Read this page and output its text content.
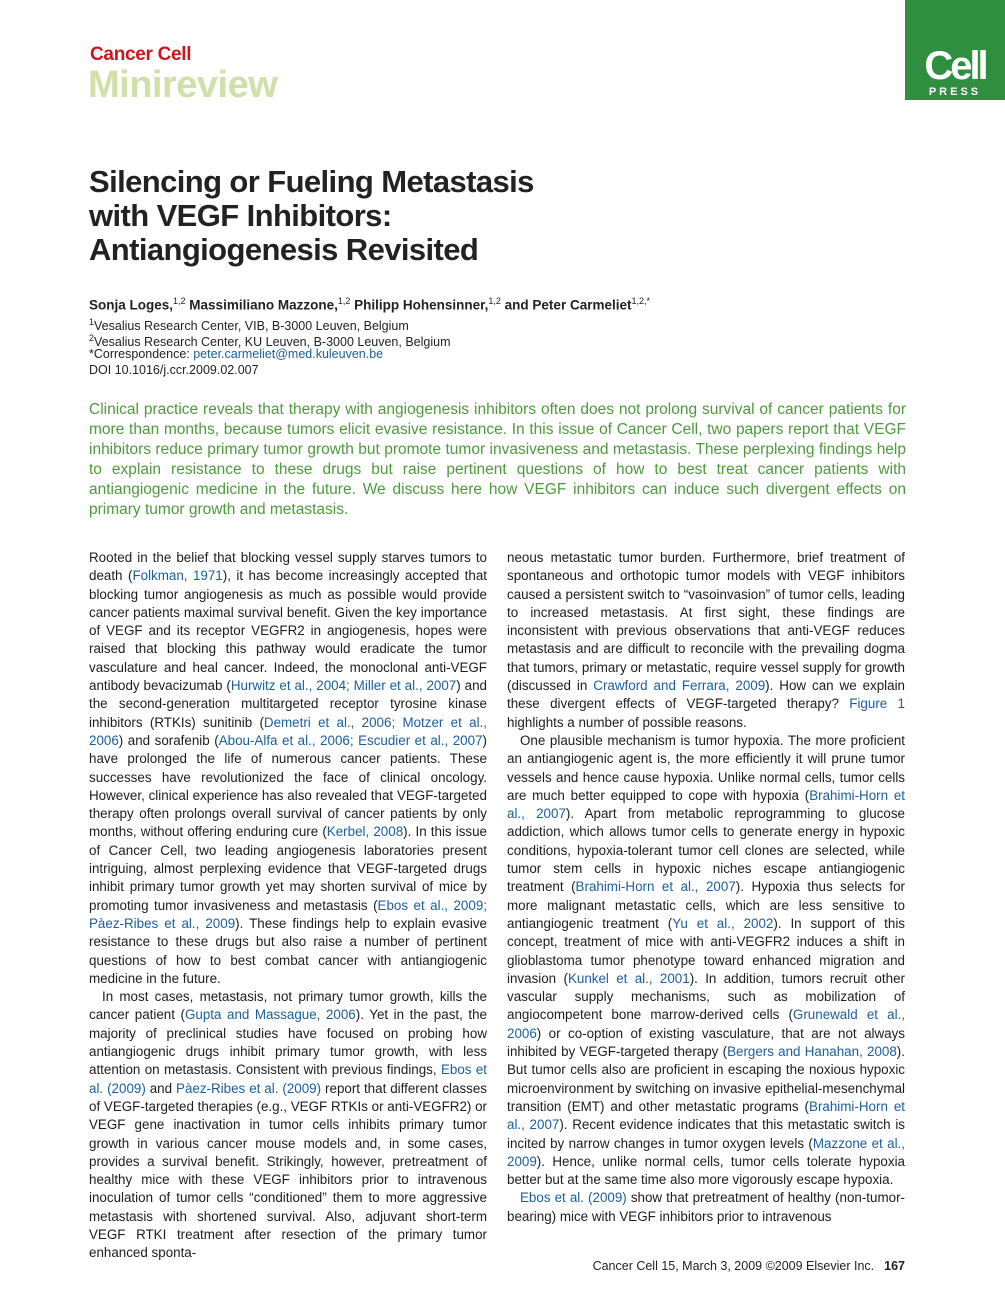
Cancer Cell
Minireview	Cell
PRESS
Silencing or Fueling Metastasis
with VEGF Inhibitors:
Antiangiogenesis Revisited
Sonja Loges,$^{1,2}$ Massimiliano Mazzone,$^{1,2}$ Philipp Hohensinner,$^{1,2}$ and Peter Carmeliet$^{1,2,*}$
$^1$Vesalius Research Center, VIB, B-3000 Leuven, Belgium
$^2$Vesalius Research Center, KU Leuven, B-3000 Leuven, Belgium
*Correspondence: peter.carmeliet@med.kuleuven.be
DOI 10.1016/j.ccr.2009.02.007
Clinical practice reveals that therapy with angiogenesis inhibitors often does not prolong survival of cancer patients for more than months, because tumors elicit evasive resistance. In this issue of Cancer Cell, two papers report that VEGF inhibitors reduce primary tumor growth but promote tumor invasiveness and metastasis. These perplexing findings help to explain resistance to these drugs but raise pertinent questions of how to best treat cancer patients with antiangiogenic medicine in the future. We discuss here how VEGF inhibitors can induce such divergent effects on primary tumor growth and metastasis.

Rooted in the belief that blocking vessel supply starves tumors to death (Folkman, 1971), it has become increasingly accepted that blocking tumor angiogenesis as much as possible would provide cancer patients maximal survival benefit. Given the key importance of VEGF and its receptor VEGFR2 in angiogenesis, hopes were raised that blocking this pathway would eradicate the tumor vasculature and heal cancer. Indeed, the monoclonal anti-VEGF antibody bevacizumab (Hurwitz et al., 2004; Miller et al., 2007) and the second-generation multitargeted receptor tyrosine kinase inhibitors (RTKIs) sunitinib (Demetri et al., 2006; Motzer et al., 2006) and sorafenib (Abou-Alfa et al., 2006; Escudier et al., 2007) have prolonged the life of numerous cancer patients. These successes have revolutionized the face of clinical oncology. However, clinical experience has also revealed that VEGF-targeted therapy often prolongs overall survival of cancer patients by only months, without offering enduring cure (Kerbel, 2008). In this issue of Cancer Cell, two leading angiogenesis laboratories present intriguing, almost perplexing evidence that VEGF-targeted drugs inhibit primary tumor growth yet may shorten survival of mice by promoting tumor invasiveness and metastasis (Ebos et al., 2009; Pàez-Ribes et al., 2009). These findings help to explain evasive resistance to these drugs but also raise a number of pertinent questions of how to best combat cancer with antiangiogenic medicine in the future.

In most cases, metastasis, not primary tumor growth, kills the cancer patient (Gupta and Massague, 2006). Yet in the past, the majority of preclinical studies have focused on probing how antiangiogenic drugs inhibit primary tumor growth, with less attention on metastasis. Consistent with previous findings, Ebos et al. (2009) and Pàez-Ribes et al. (2009) report that different classes of VEGF-targeted therapies (e.g., VEGF RTKIs or anti-VEGFR2) or VEGF gene inactivation in tumor cells inhibits primary tumor growth in various cancer mouse models and, in some cases, provides a survival benefit. Strikingly, however, pretreatment of healthy mice with these VEGF inhibitors prior to intravenous inoculation of tumor cells “conditioned” them to more aggressive metastasis with shortened survival. Also, adjuvant short-term VEGF RTKI treatment after resection of the primary tumor enhanced sponta-

neous metastatic tumor burden. Furthermore, brief treatment of spontaneous and orthotopic tumor models with VEGF inhibitors caused a persistent switch to “vasoinvasion” of tumor cells, leading to increased metastasis. At first sight, these findings are inconsistent with previous observations that anti-VEGF reduces metastasis and are difficult to reconcile with the prevailing dogma that tumors, primary or metastatic, require vessel supply for growth (discussed in Crawford and Ferrara, 2009). How can we explain these divergent effects of VEGF-targeted therapy? Figure 1 highlights a number of possible reasons.

One plausible mechanism is tumor hypoxia. The more proficient an antiangiogenic agent is, the more efficiently it will prune tumor vessels and hence cause hypoxia. Unlike normal cells, tumor cells are much better equipped to cope with hypoxia (Brahimi-Horn et al., 2007). Apart from metabolic reprogramming to glucose addiction, which allows tumor cells to generate energy in hypoxic conditions, hypoxia-tolerant tumor cell clones are selected, while tumor stem cells in hypoxic niches escape antiangiogenic treatment (Brahimi-Horn et al., 2007). Hypoxia thus selects for more malignant metastatic cells, which are less sensitive to antiangiogenic treatment (Yu et al., 2002). In support of this concept, treatment of mice with anti-VEGFR2 induces a shift in glioblastoma tumor phenotype toward enhanced migration and invasion (Kunkel et al., 2001). In addition, tumors recruit other vascular supply mechanisms, such as mobilization of angiocompetent bone marrow-derived cells (Grunewald et al., 2006) or co-option of existing vasculature, that are not always inhibited by VEGF-targeted therapy (Bergers and Hanahan, 2008). But tumor cells also are proficient in escaping the noxious hypoxic microenvironment by switching on invasive epithelial-mesenchymal transition (EMT) and other metastatic programs (Brahimi-Horn et al., 2007). Recent evidence indicates that this metastatic switch is incited by narrow changes in tumor oxygen levels (Mazzone et al., 2009). Hence, unlike normal cells, tumor cells tolerate hypoxia better but at the same time also more vigorously escape hypoxia.

Ebos et al. (2009) show that pretreatment of healthy (non-tumor-bearing) mice with VEGF inhibitors prior to intravenous

Cancer Cell 15, March 3, 2009 ©2009 Elsevier Inc. 167
